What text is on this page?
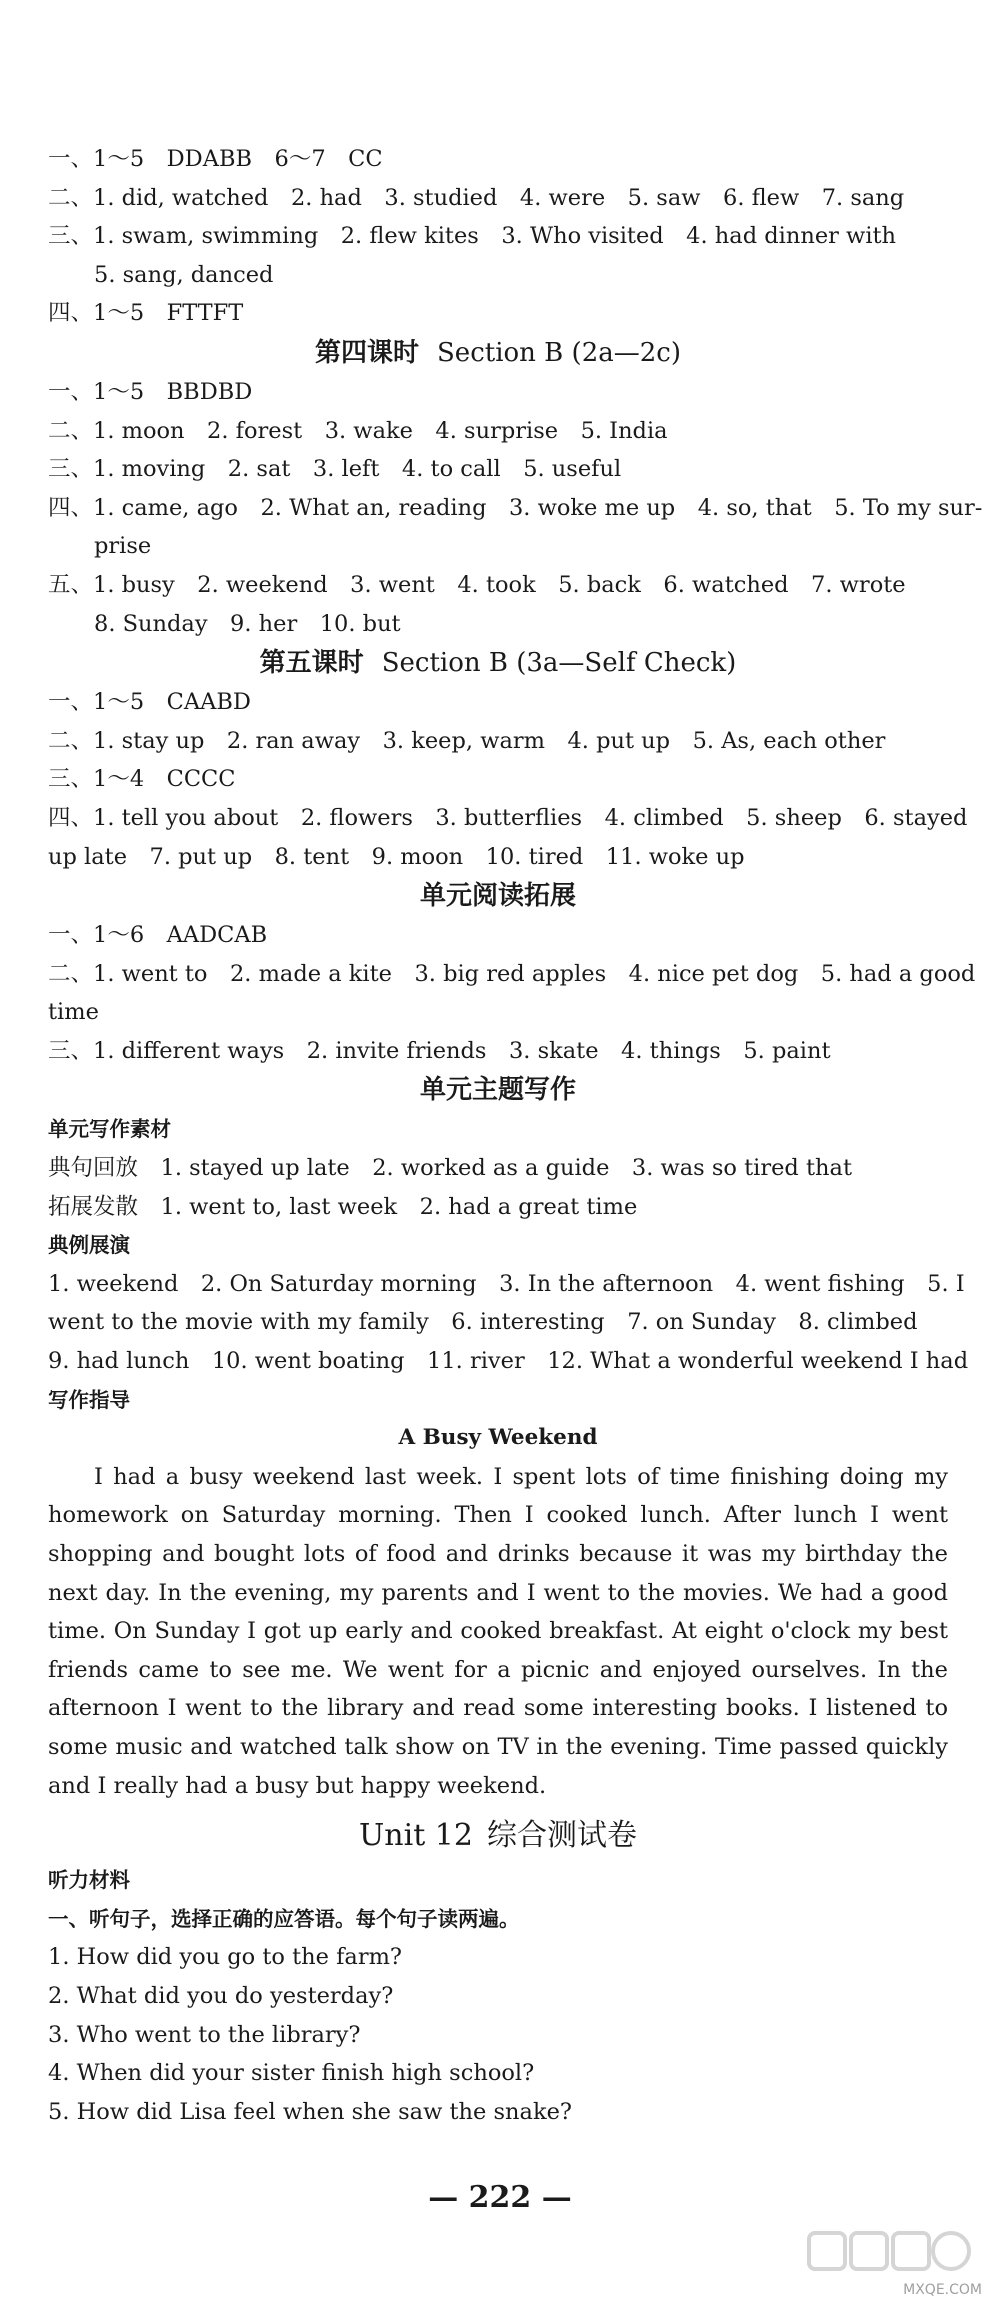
一、1～5　DDABB　6～7　CC

二、1. did, watched　2. had　3. studied　4. were　5. saw　6. flew　7. sang

三、1. swam, swimming　2. flew kites　3. Who visited　4. had dinner with

5. sang, danced

四、1～5　FTTFT

第四课时 Section B (2a—2c)

一、1～5　BBDBD

二、1. moon　2. forest　3. wake　4. surprise　5. India

三、1. moving　2. sat　3. left　4. to call　5. useful

四、1. came, ago　2. What an, reading　3. woke me up　4. so, that　5. To my sur-

prise

五、1. busy　2. weekend　3. went　4. took　5. back　6. watched　7. wrote

8. Sunday　9. her　10. but

第五课时 Section B (3a—Self Check)

一、1～5　CAABD

二、1. stay up　2. ran away　3. keep, warm　4. put up　5. As, each other

三、1～4　CCCC

四、1. tell you about　2. flowers　3. butterflies　4. climbed　5. sheep　6. stayed

up late　7. put up　8. tent　9. moon　10. tired　11. woke up

单元阅读拓展

一、1～6　AADCAB

二、1. went to　2. made a kite　3. big red apples　4. nice pet dog　5. had a good

time

三、1. different ways　2. invite friends　3. skate　4. things　5. paint

单元主题写作

单元写作素材

典句回放　1. stayed up late　2. worked as a guide　3. was so tired that

拓展发散　1. went to, last week　2. had a great time

典例展演

1. weekend　2. On Saturday morning　3. In the afternoon　4. went fishing　5. I

went to the movie with my family　6. interesting　7. on Sunday　8. climbed

9. had lunch　10. went boating　11. river　12. What a wonderful weekend I had

写作指导

A Busy Weekend

I had a busy weekend last week. I spent lots of time finishing doing my homework on Saturday morning. Then I cooked lunch. After lunch I went shopping and bought lots of food and drinks because it was my birthday the next day. In the evening, my parents and I went to the movies. We had a good time. On Sunday I got up early and cooked breakfast. At eight o'clock my best friends came to see me. We went for a picnic and enjoyed ourselves. In the afternoon I went to the library and read some interesting books. I listened to some music and watched talk show on TV in the evening. Time passed quickly and I really had a busy but happy weekend.

Unit 12 综合测试卷

听力材料

一、听句子，选择正确的应答语。每个句子读两遍。

1. How did you go to the farm?

2. What did you do yesterday?

3. Who went to the library?

4. When did your sister finish high school?

5. How did Lisa feel when she saw the snake?

— 222 —
MXQE.COM
